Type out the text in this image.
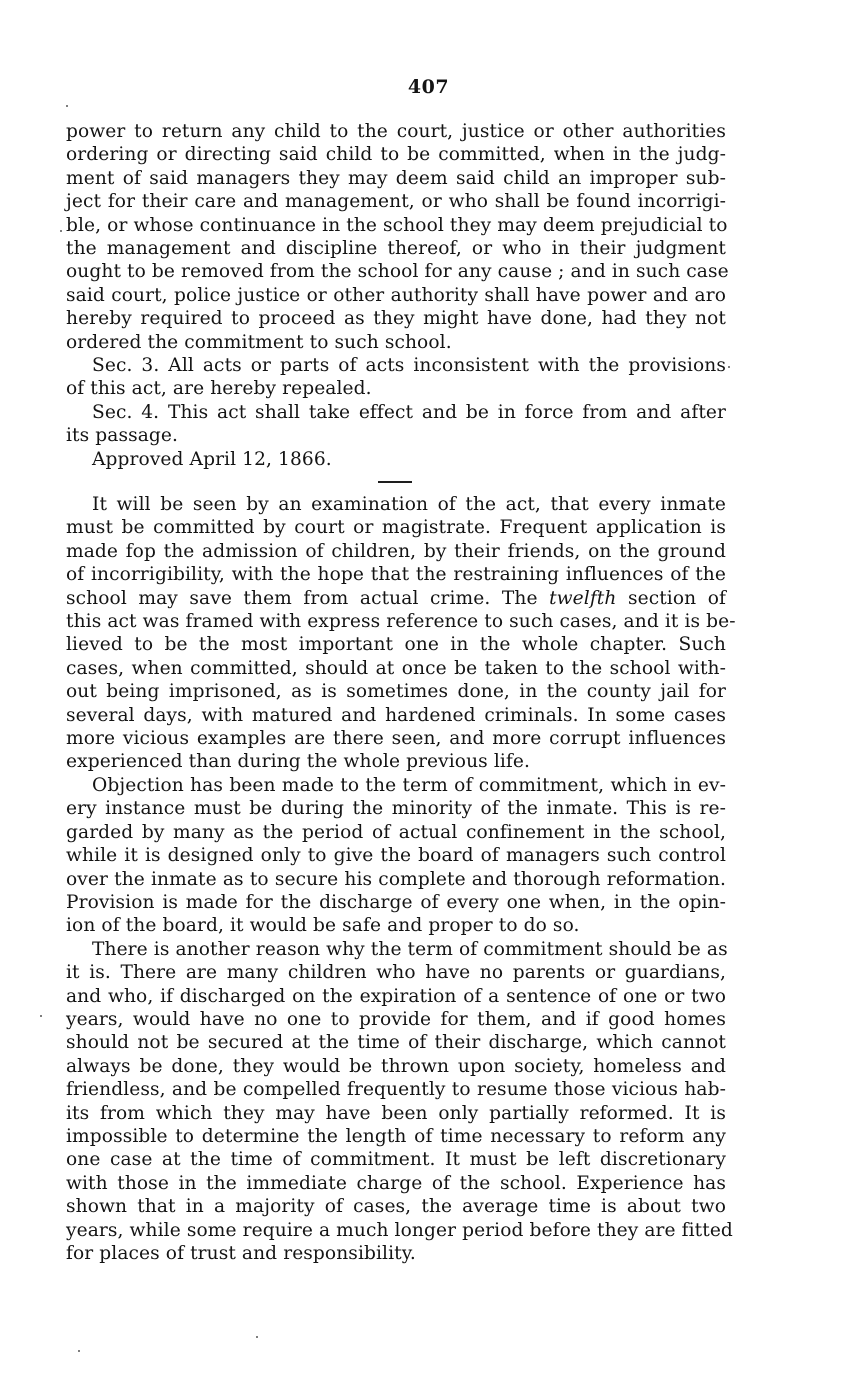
407
power to return any child to the court, justice or other authorities
ordering or directing said child to be committed, when in the judg-
ment of said managers they may deem said child an improper sub-
ject for their care and management, or who shall be found incorrigi-
ble, or whose continuance in the school they may deem prejudicial to
the management and discipline thereof, or who in their judgment
ought to be removed from the school for any cause ; and in such case
said court, police justice or other authority shall have power and aro
hereby required to proceed as they might have done, had they not
ordered the commitment to such school.
Sec. 3. All acts or parts of acts inconsistent with the provisions
of this act, are hereby repealed.
Sec. 4. This act shall take effect and be in force from and after
its passage.
Approved April 12, 1866.
It will be seen by an examination of the act, that every inmate
must be committed by court or magistrate. Frequent application is
made fop the admission of children, by their friends, on the ground
of incorrigibility, with the hope that the restraining influences of the
school may save them from actual crime. The twelfth section of
this act was framed with express reference to such cases, and it is be-
lieved to be the most important one in the whole chapter. Such
cases, when committed, should at once be taken to the school with-
out being imprisoned, as is sometimes done, in the county jail for
several days, with matured and hardened criminals. In some cases
more vicious examples are there seen, and more corrupt influences
experienced than during the whole previous life.
Objection has been made to the term of commitment, which in ev-
ery instance must be during the minority of the inmate. This is re-
garded by many as the period of actual confinement in the school,
while it is designed only to give the board of managers such control
over the inmate as to secure his complete and thorough reformation.
Provision is made for the discharge of every one when, in the opin-
ion of the board, it would be safe and proper to do so.
There is another reason why the term of commitment should be as
it is. There are many children who have no parents or guardians,
and who, if discharged on the expiration of a sentence of one or two
years, would have no one to provide for them, and if good homes
should not be secured at the time of their discharge, which cannot
always be done, they would be thrown upon society, homeless and
friendless, and be compelled frequently to resume those vicious hab-
its from which they may have been only partially reformed. It is
impossible to determine the length of time necessary to reform any
one case at the time of commitment. It must be left discretionary
with those in the immediate charge of the school. Experience has
shown that in a majority of cases, the average time is about two
years, while some require a much longer period before they are fitted
for places of trust and responsibility.
